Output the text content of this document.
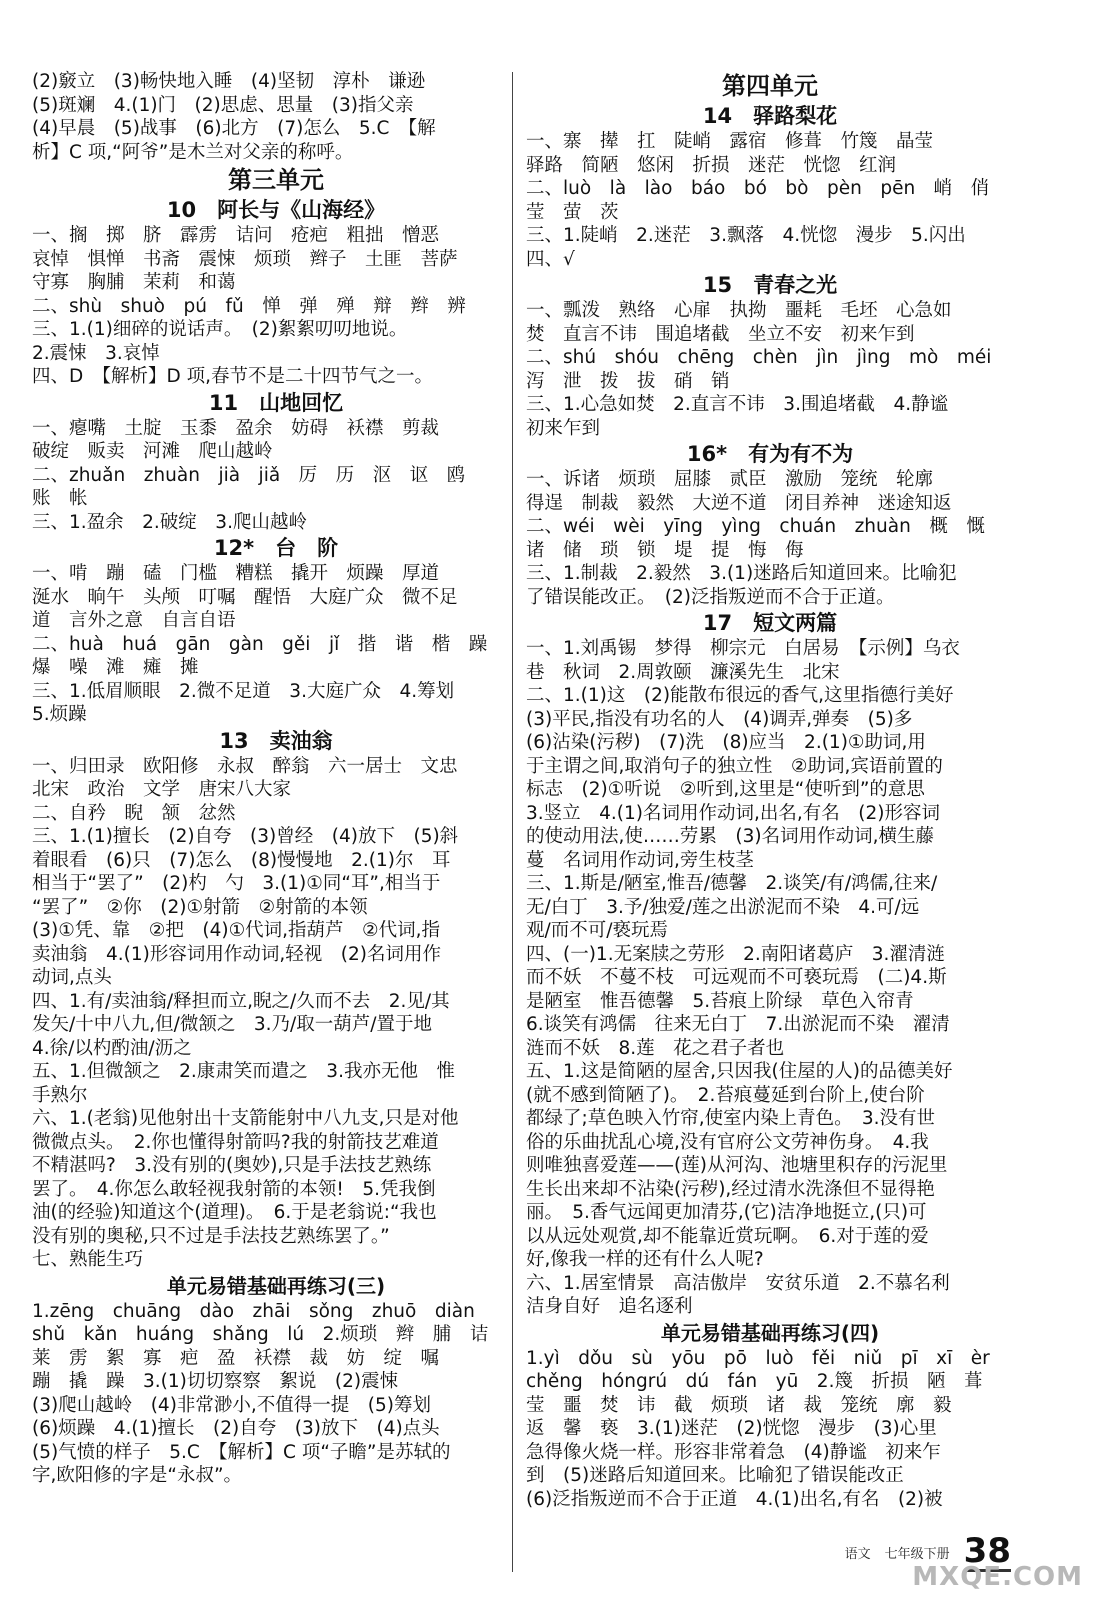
(2)竅立　(3)畅快地入睡　(4)坚韧　淳朴　谦逊
(5)斑斓　4.(1)门　(2)思虑、思量　(3)指父亲
(4)早晨　(5)战事　(6)北方　(7)怎么　5.C　【解
析】C 项,“阿爷”是木兰对父亲的称呼。
第三单元
10　阿长与《山海经》
一、搁　掷　脐　霹雳　诘问　疮疤　粗拙　憎恶
哀悼　惧惮　书斋　震悚　烦琐　辫子　土匪　菩萨
守寡　胸脯　茉莉　和蔼
二、shù　shuò　pú　fǔ　惮　弹　殚　辩　辫　辨
三、1.(1)细碎的说话声。　(2)絮絮叨叨地说。
2.震悚　3.哀悼
四、D　【解析】D 项,春节不是二十四节气之一。
11　山地回忆
一、瘪嘴　土腚　玉黍　盈余　妨碍　袄襟　剪裁
破绽　贩卖　河滩　爬山越岭
二、zhuǎn　zhuàn　jià　jiǎ　厉　历　沤　讴　鸥
账　帐
三、1.盈余　2.破绽　3.爬山越岭
12*　台　阶
一、啃　蹦　磕　门槛　糟糕　撬开　烦躁　厚道
涎水　晌午　头颅　叮嘱　醒悟　大庭广众　微不足
道　言外之意　自言自语
二、huà　huá　gān　gàn　gěi　jǐ　揩　谐　楷　躁
爆　噪　滩　瘫　摊
三、1.低眉顺眼　2.微不足道　3.大庭广众　4.筹划
5.烦躁
13　卖油翁
一、归田录　欧阳修　永叔　醉翁　六一居士　文忠
北宋　政治　文学　唐宋八大家
二、自矜　睨　颔　忿然
三、1.(1)擅长　(2)自夸　(3)曾经　(4)放下　(5)斜
着眼看　(6)只　(7)怎么　(8)慢慢地　2.(1)尔　耳
相当于“罢了”　(2)杓　勺　3.(1)①同“耳”,相当于
“罢了”　②你　(2)①射箭　②射箭的本领
(3)①凭、靠　②把　(4)①代词,指葫芦　②代词,指
卖油翁　4.(1)形容词用作动词,轻视　(2)名词用作
动词,点头
四、1.有/卖油翁/释担而立,睨之/久而不去　2.见/其
发矢/十中八九,但/微颔之　3.乃/取一葫芦/置于地
4.徐/以杓酌油/沥之
五、1.但微颔之　2.康肃笑而遣之　3.我亦无他　惟
手熟尔
六、1.(老翁)见他射出十支箭能射中八九支,只是对他
微微点头。　2.你也懂得射箭吗?我的射箭技艺难道
不精湛吗?　3.没有别的(奥妙),只是手法技艺熟练
罢了。　4.你怎么敢轻视我射箭的本领!　5.凭我倒
油(的经验)知道这个(道理)。　6.于是老翁说:“我也
没有别的奥秘,只不过是手法技艺熟练罢了。”
七、熟能生巧
单元易错基础再练习(三)
1.zēng　chuāng　dào　zhāi　sǒng　zhuō　diàn
shǔ　kǎn　huáng　shǎng　lú　2.烦琐　辫　脯　诘
莱　雳　絮　寡　疤　盈　袄襟　裁　妨　绽　嘱
蹦　撬　躁　3.(1)切切察察　絮说　(2)震悚
(3)爬山越岭　(4)非常渺小,不值得一提　(5)筹划
(6)烦躁　4.(1)擅长　(2)自夸　(3)放下　(4)点头
(5)气愤的样子　5.C　【解析】C 项“子瞻”是苏轼的
字,欧阳修的字是“永叔”。
第四单元
14　驿路梨花
一、寨　撵　扛　陡峭　露宿　修葺　竹篾　晶莹
驿路　简陋　悠闲　折损　迷茫　恍惚　红润
二、luò　là　lào　báo　bó　bò　pèn　pēn　峭　俏
莹　萤　茨
三、1.陡峭　2.迷茫　3.飘落　4.恍惚　漫步　5.闪出
四、√
15　青春之光
一、瓢泼　熟络　心扉　执拗　噩耗　毛坯　心急如
焚　直言不讳　围追堵截　坐立不安　初来乍到
二、shú　shóu　chēng　chèn　jìn　jìng　mò　méi
泻　泄　拨　拔　硝　销
三、1.心急如焚　2.直言不讳　3.围追堵截　4.静谧
初来乍到
16*　有为有不为
一、诉诸　烦琐　屈膝　贰臣　激励　笼统　轮廓
得逞　制裁　毅然　大逆不道　闭目养神　迷途知返
二、wéi　wèi　yīng　yìng　chuán　zhuàn　概　慨
诸　储　琐　锁　堤　提　悔　侮
三、1.制裁　2.毅然　3.(1)迷路后知道回来。比喻犯
了错误能改正。　(2)泛指叛逆而不合于正道。
17　短文两篇
一、1.刘禹锡　梦得　柳宗元　白居易　【示例】乌衣
巷　秋词　2.周敦颐　濂溪先生　北宋
二、1.(1)这　(2)能散布很远的香气,这里指德行美好
(3)平民,指没有功名的人　(4)调弄,弹奏　(5)多
(6)沾染(污秽)　(7)洗　(8)应当　2.(1)①助词,用
于主谓之间,取消句子的独立性　②助词,宾语前置的
标志　(2)①听说　②听到,这里是“使听到”的意思
3.竖立　4.(1)名词用作动词,出名,有名　(2)形容词
的使动用法,使……劳累　(3)名词用作动词,横生藤
蔓　名词用作动词,旁生枝茎
三、1.斯是/陋室,惟吾/德馨　2.谈笑/有/鸿儒,往来/
无/白丁　3.予/独爱/莲之出淤泥而不染　4.可/远
观/而不可/亵玩焉
四、(一)1.无案牍之劳形　2.南阳诸葛庐　3.濯清涟
而不妖　不蔓不枝　可远观而不可亵玩焉　(二)4.斯
是陋室　惟吾德馨　5.苔痕上阶绿　草色入帘青
6.谈笑有鸿儒　往来无白丁　7.出淤泥而不染　濯清
涟而不妖　8.莲　花之君子者也
五、1.这是简陋的屋舍,只因我(住屋的人)的品德美好
(就不感到简陋了)。　2.苔痕蔓延到台阶上,使台阶
都绿了;草色映入竹帘,使室内染上青色。　3.没有世
俗的乐曲扰乱心境,没有官府公文劳神伤身。　4.我
则唯独喜爱莲——(莲)从河沟、池塘里积存的污泥里
生长出来却不沾染(污秽),经过清水洗涤但不显得艳
丽。　5.香气远闻更加清芬,(它)洁净地挺立,(只)可
以从远处观赏,却不能靠近赏玩啊。　6.对于莲的爱
好,像我一样的还有什么人呢?
六、1.居室情景　高洁傲岸　安贫乐道　2.不慕名利
洁身自好　追名逐利
单元易错基础再练习(四)
1.yì　dǒu　sù　yōu　pō　luò　fěi　niǔ　pī　xī　èr
chěng　hóngrú　dú　fán　yū　2.篾　折损　陋　葺
莹　噩　焚　讳　截　烦琐　诸　裁　笼统　廓　毅
返　馨　亵　3.(1)迷茫　(2)恍惚　漫步　(3)心里
急得像火烧一样。形容非常着急　(4)静谧　初来乍
到　(5)迷路后知道回来。比喻犯了错误能改正
(6)泛指叛逆而不合于正道　4.(1)出名,有名　(2)被
语文 七年级下册 38
MXQE.COM
